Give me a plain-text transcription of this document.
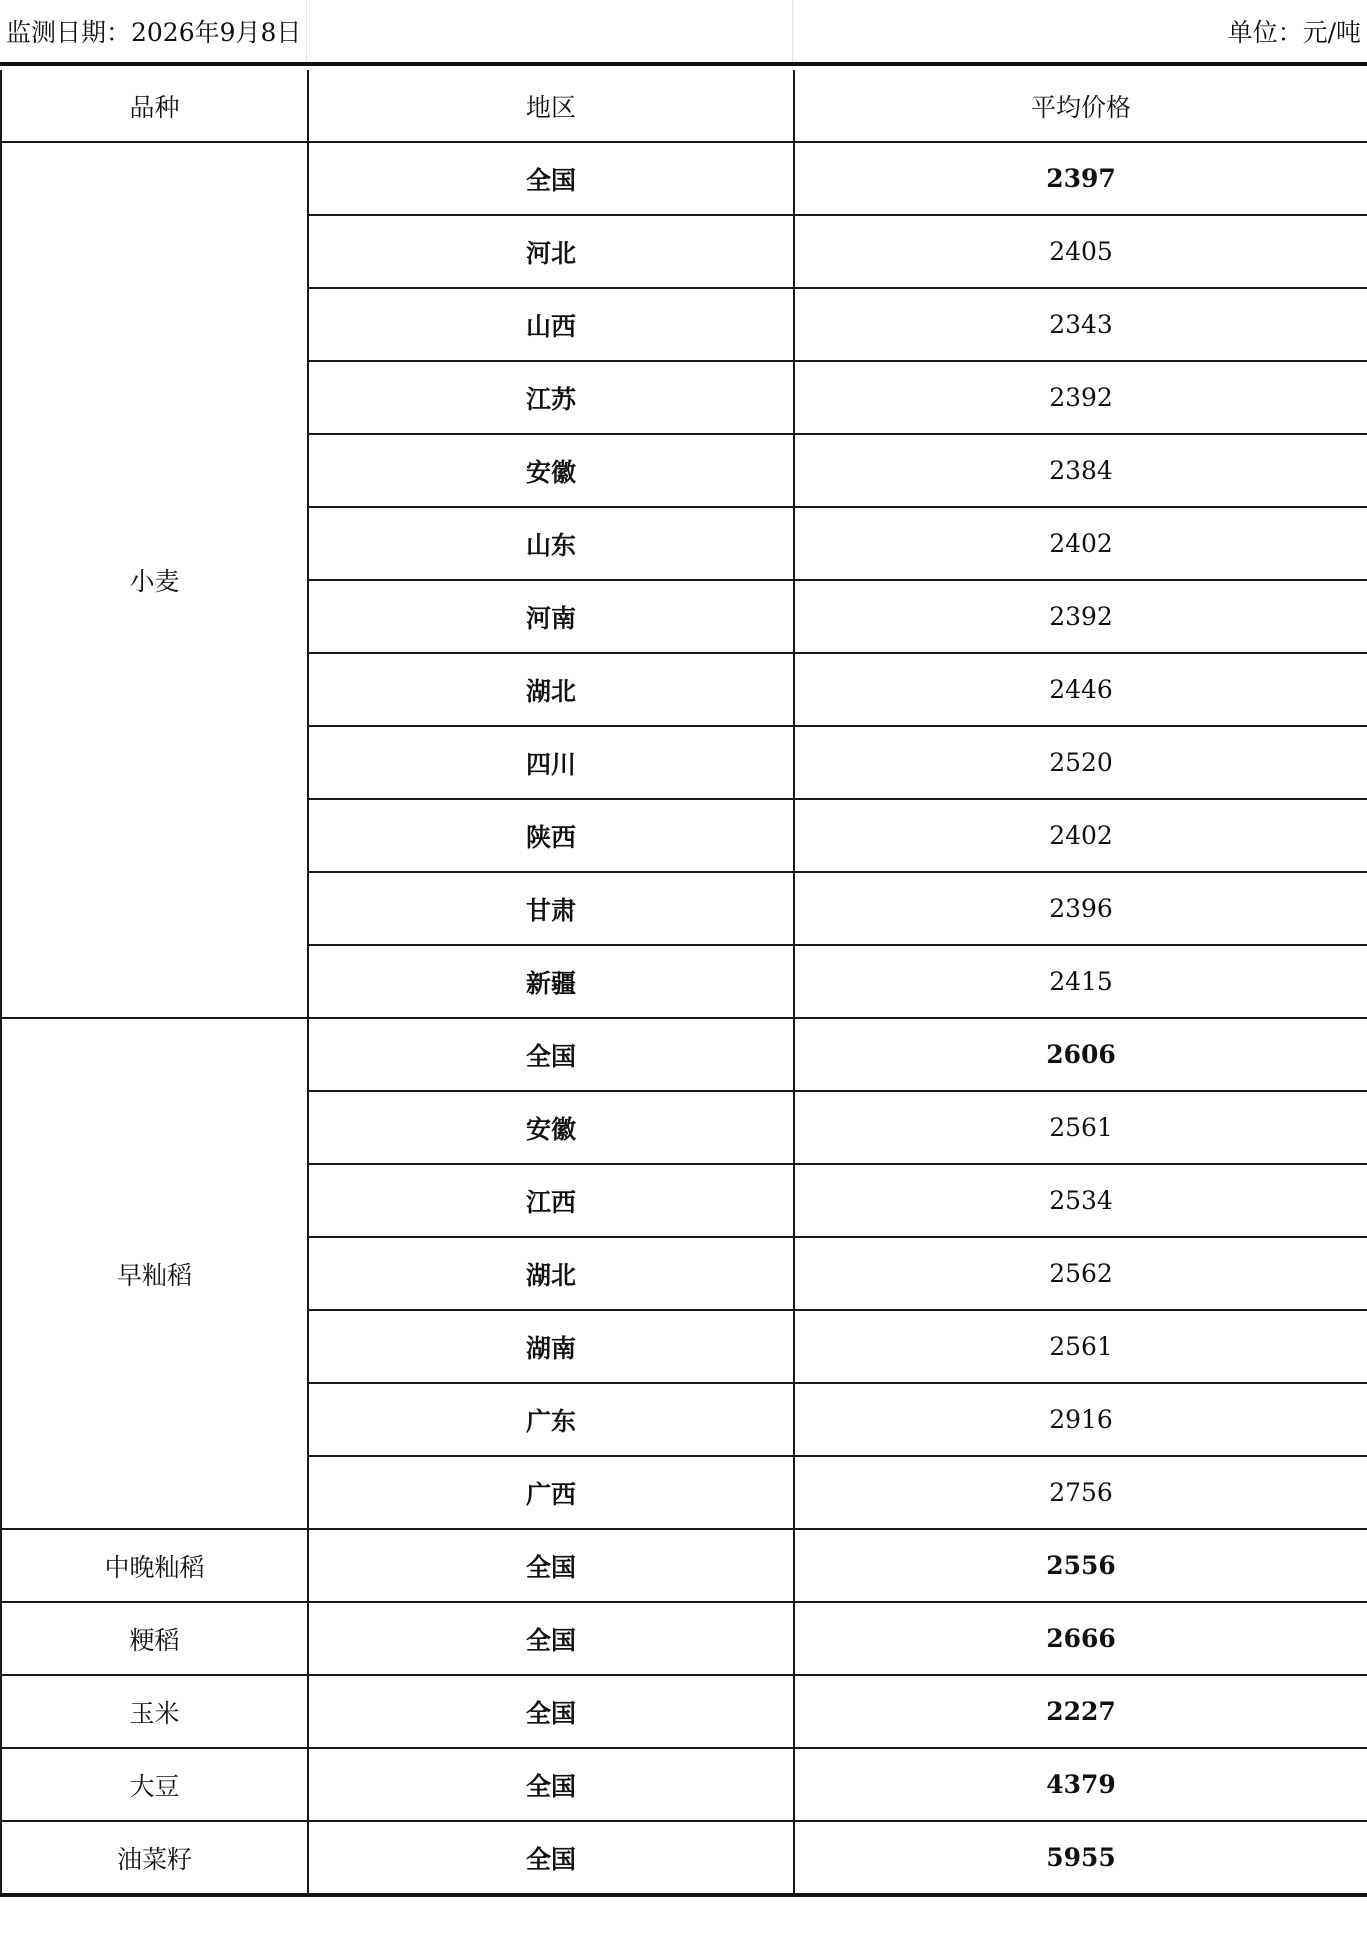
监测日期：2026年9月8日	单位：元/吨
品种	地区	平均价格
小麦	全国	2397
	河北	2405
	山西	2343
	江苏	2392
	安徽	2384
	山东	2402
	河南	2392
	湖北	2446
	四川	2520
	陕西	2402
	甘肃	2396
	新疆	2415
早籼稻	全国	2606
	安徽	2561
	江西	2534
	湖北	2562
	湖南	2561
	广东	2916
	广西	2756
中晚籼稻	全国	2556
粳稻	全国	2666
玉米	全国	2227
大豆	全国	4379
油菜籽	全国	5955
